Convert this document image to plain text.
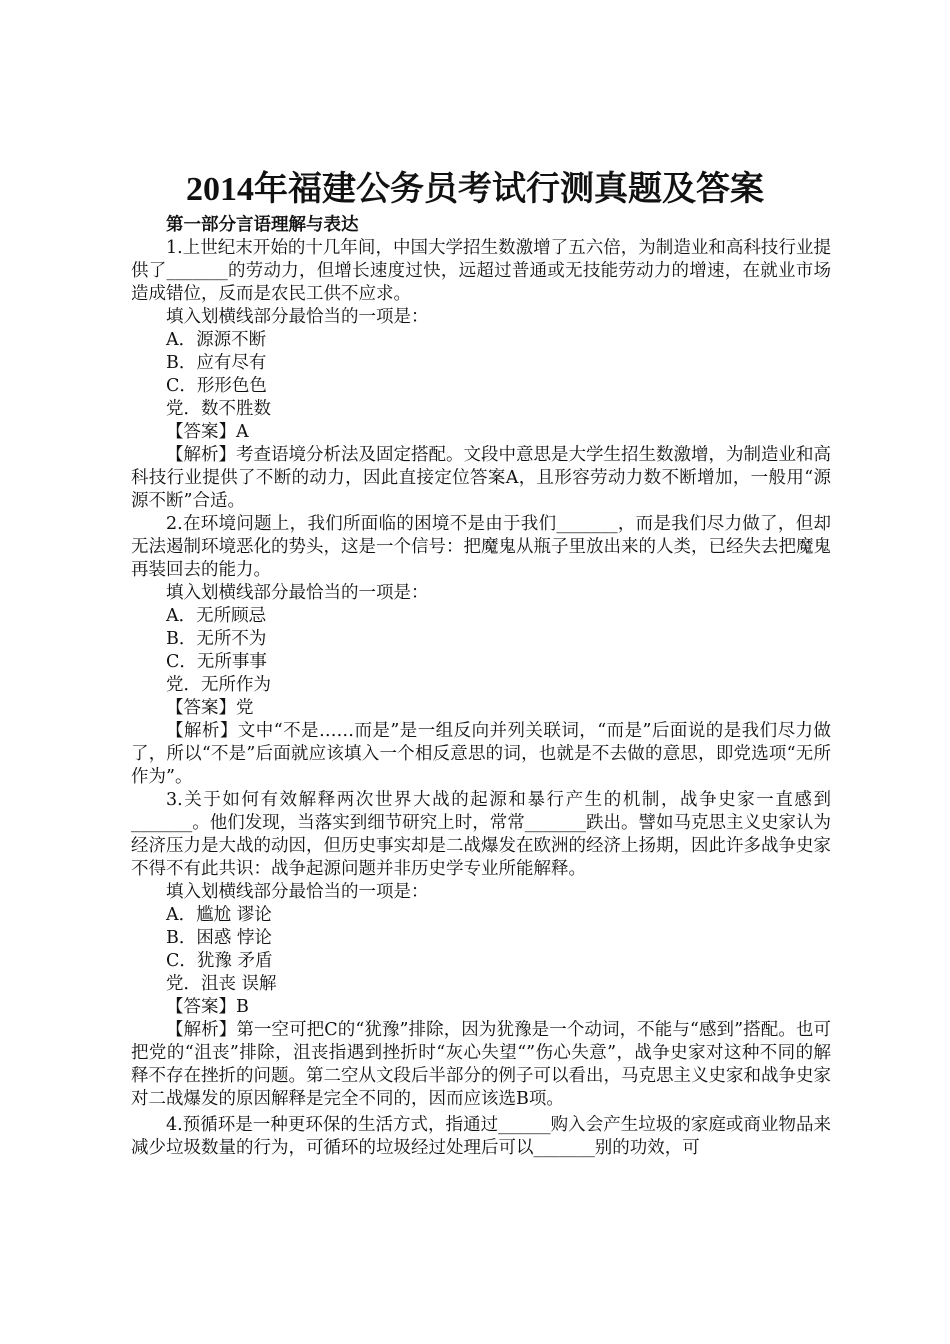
2014年福建公务员考试行测真题及答案

第一部分言语理解与表达

1.上世纪末开始的十几年间，中国大学招生数激增了五六倍，为制造业和高科技行业提供了_______的劳动力，但增长速度过快，远超过普通或无技能劳动力的增速，在就业市场造成错位，反而是农民工供不应求。

填入划横线部分最恰当的一项是：

A．源源不断

B．应有尽有

C．形形色色

党．数不胜数

【答案】A

【解析】考查语境分析法及固定搭配。文段中意思是大学生招生数激增，为制造业和高科技行业提供了不断的动力，因此直接定位答案A，且形容劳动力数不断增加，一般用“源源不断”合适。

2.在环境问题上，我们所面临的困境不是由于我们_______，而是我们尽力做了，但却无法遏制环境恶化的势头，这是一个信号：把魔鬼从瓶子里放出来的人类，已经失去把魔鬼再装回去的能力。

填入划横线部分最恰当的一项是：

A．无所顾忌

B．无所不为

C．无所事事

党．无所作为

【答案】党

【解析】文中“不是……而是”是一组反向并列关联词，“而是”后面说的是我们尽力做了，所以“不是”后面就应该填入一个相反意思的词，也就是不去做的意思，即党选项“无所作为”。

3.关于如何有效解释两次世界大战的起源和暴行产生的机制，战争史家一直感到_______。他们发现，当落实到细节研究上时，常常_______跌出。譬如马克思主义史家认为经济压力是大战的动因，但历史事实却是二战爆发在欧洲的经济上扬期，因此许多战争史家不得不有此共识：战争起源问题并非历史学专业所能解释。

填入划横线部分最恰当的一项是：

A．尴尬 谬论

B．困惑 悖论

C．犹豫 矛盾

党．沮丧 误解

【答案】B

【解析】第一空可把C的“犹豫”排除，因为犹豫是一个动词，不能与“感到”搭配。也可把党的“沮丧”排除，沮丧指遇到挫折时“灰心失望“”伤心失意”，战争史家对这种不同的解释不存在挫折的问题。第二空从文段后半部分的例子可以看出，马克思主义史家和战争史家对二战爆发的原因解释是完全不同的，因而应该选B项。

4.预循环是一种更环保的生活方式，指通过______购入会产生垃圾的家庭或商业物品来减少垃圾数量的行为，可循环的垃圾经过处理后可以_______别的功效，可
